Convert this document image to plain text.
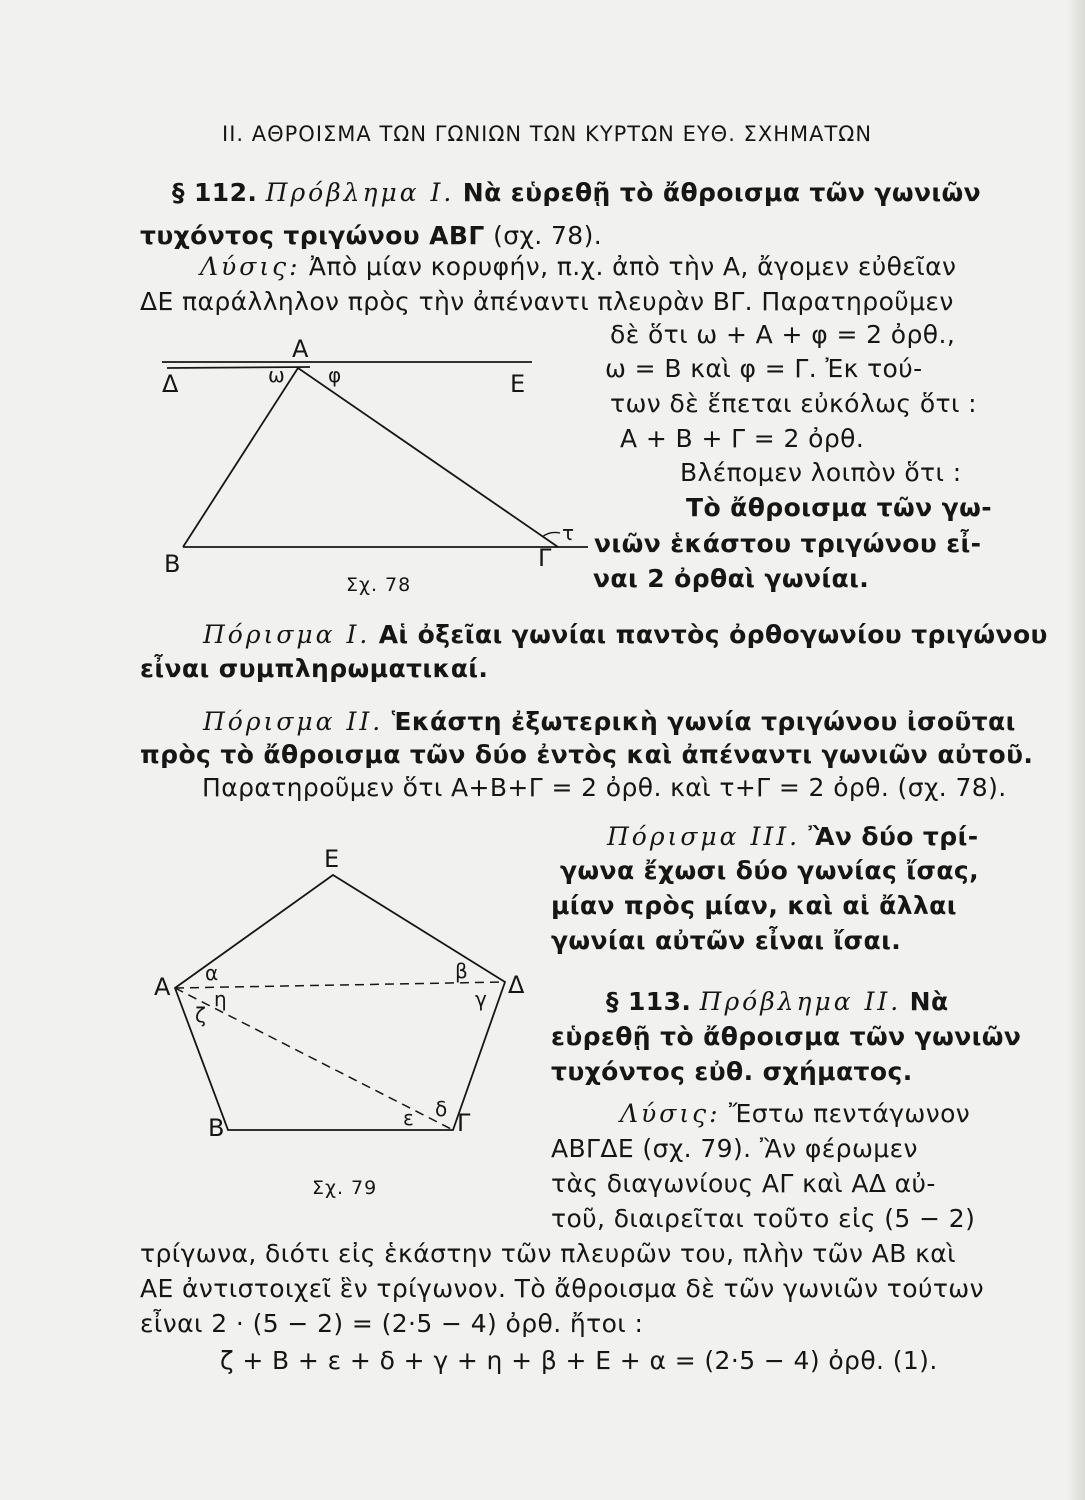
II. ΑΘΡΟΙΣΜΑ ΤΩΝ ΓΩΝΙΩΝ ΤΩΝ ΚΥΡΤΩΝ ΕΥΘ. ΣΧΗΜΑΤΩΝ
§ 112. Πρόβλημα Ι. Νὰ εὑρεθῇ τὸ ἄθροισμα τῶν γωνιῶν
τυχόντος τριγώνου ΑΒΓ (σχ. 78).
Λύσις: Ἀπὸ μίαν κορυφήν, π.χ. ἀπὸ τὴν Α, ἄγομεν εὐθεῖαν
ΔΕ παράλληλον πρὸς τὴν ἀπέναντι πλευρὰν ΒΓ. Παρατηροῦμεν
δὲ ὅτι ω + Α + φ = 2 ὀρθ.,
ω = Β καὶ φ = Γ. Ἐκ τού-
των δὲ ἕπεται εὐκόλως ὅτι :
Α + Β + Γ = 2 ὀρθ.
Βλέπομεν λοιπὸν ὅτι :
Τὸ ἄθροισμα τῶν γω-
νιῶν ἑκάστου τριγώνου εἶ-
ναι 2 ὀρθαὶ γωνίαι.
Α
Δ	Ε
ω φ
Β	Γ
τ
Σχ. 78
Πόρισμα Ι. Αἱ ὀξεῖαι γωνίαι παντὸς ὀρθογωνίου τριγώνου
εἶναι συμπληρωματικαί.
Πόρισμα ΙΙ. Ἑκάστη ἐξωτερικὴ γωνία τριγώνου ἰσοῦται
πρὸς τὸ ἄθροισμα τῶν δύο ἐντὸς καὶ ἀπέναντι γωνιῶν αὐτοῦ.
Παρατηροῦμεν ὅτι Α+Β+Γ = 2 ὀρθ. καὶ τ+Γ = 2 ὀρθ. (σχ. 78).
Πόρισμα ΙΙΙ. Ἂν δύο τρί-
γωνα ἔχωσι δύο γωνίας ἴσας,
μίαν πρὸς μίαν, καὶ αἱ ἄλλαι
γωνίαι αὐτῶν εἶναι ἴσαι.
Ε
Α	Δ
Β	Γ
α	β
γ
δ
ε
ζ
η
Σχ. 79
§ 113. Πρόβλημα ΙΙ. Νὰ
εὑρεθῇ τὸ ἄθροισμα τῶν γωνιῶν
τυχόντος εὐθ. σχήματος.
Λύσις: Ἔστω πεντάγωνον
ΑΒΓΔΕ (σχ. 79). Ἂν φέρωμεν
τὰς διαγωνίους ΑΓ καὶ ΑΔ αὐ-
τοῦ, διαιρεῖται τοῦτο εἰς (5 − 2)
τρίγωνα, διότι εἰς ἑκάστην τῶν πλευρῶν του, πλὴν τῶν ΑΒ καὶ
ΑΕ ἀντιστοιχεῖ ἓν τρίγωνον. Τὸ ἄθροισμα δὲ τῶν γωνιῶν τούτων
εἶναι 2 · (5 − 2) = (2·5 − 4) ὀρθ. ἤτοι :
ζ + Β + ε + δ + γ + η + β + Ε + α = (2·5 − 4) ὀρθ. (1).
